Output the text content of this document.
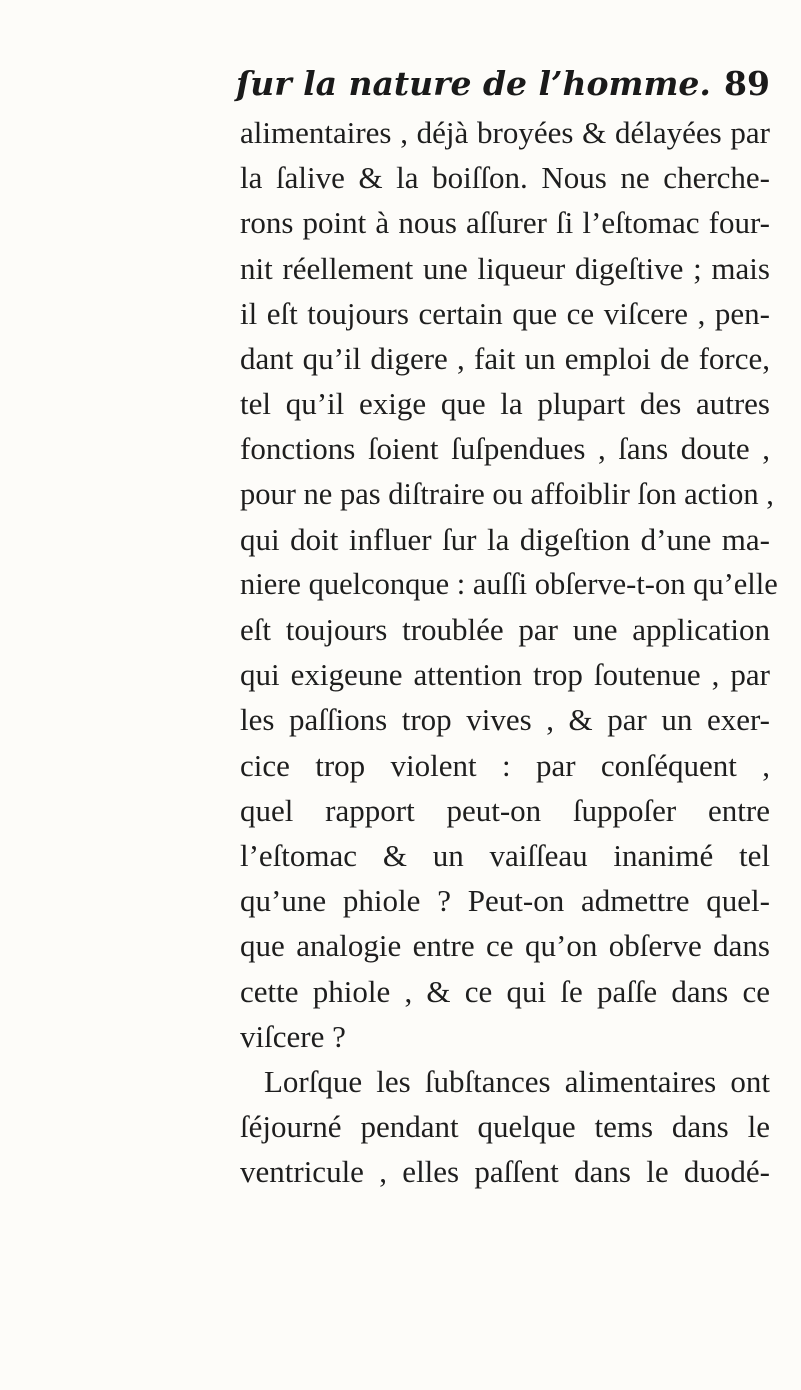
ſur la nature de l’homme. 89
alimentaires , déjà broyées & délayées par
la ſalive & la boiſſon. Nous ne cherche-
rons point à nous aſſurer ſi l’eſtomac four-
nit réellement une liqueur digeſtive ; mais
il eſt toujours certain que ce viſcere , pen-
dant qu’il digere , fait un emploi de force,
tel qu’il exige que la plupart des autres
fonctions ſoient ſuſpendues , ſans doute ,
pour ne pas diſtraire ou affoiblir ſon action ,
qui doit influer ſur la digeſtion d’une ma-
niere quelconque : auſſi obſerve-t-on qu’elle
eſt toujours troublée par une application
qui exigeune attention trop ſoutenue , par
les paſſions trop vives , & par un exer-
cice trop violent : par conſéquent ,
quel rapport peut-on ſuppoſer entre
l’eſtomac & un vaiſſeau inanimé tel
qu’une phiole ? Peut-on admettre quel-
que analogie entre ce qu’on obſerve dans
cette phiole , & ce qui ſe paſſe dans ce
viſcere ?
Lorſque les ſubſtances alimentaires ont
ſéjourné pendant quelque tems dans le
ventricule , elles paſſent dans le duodé-
